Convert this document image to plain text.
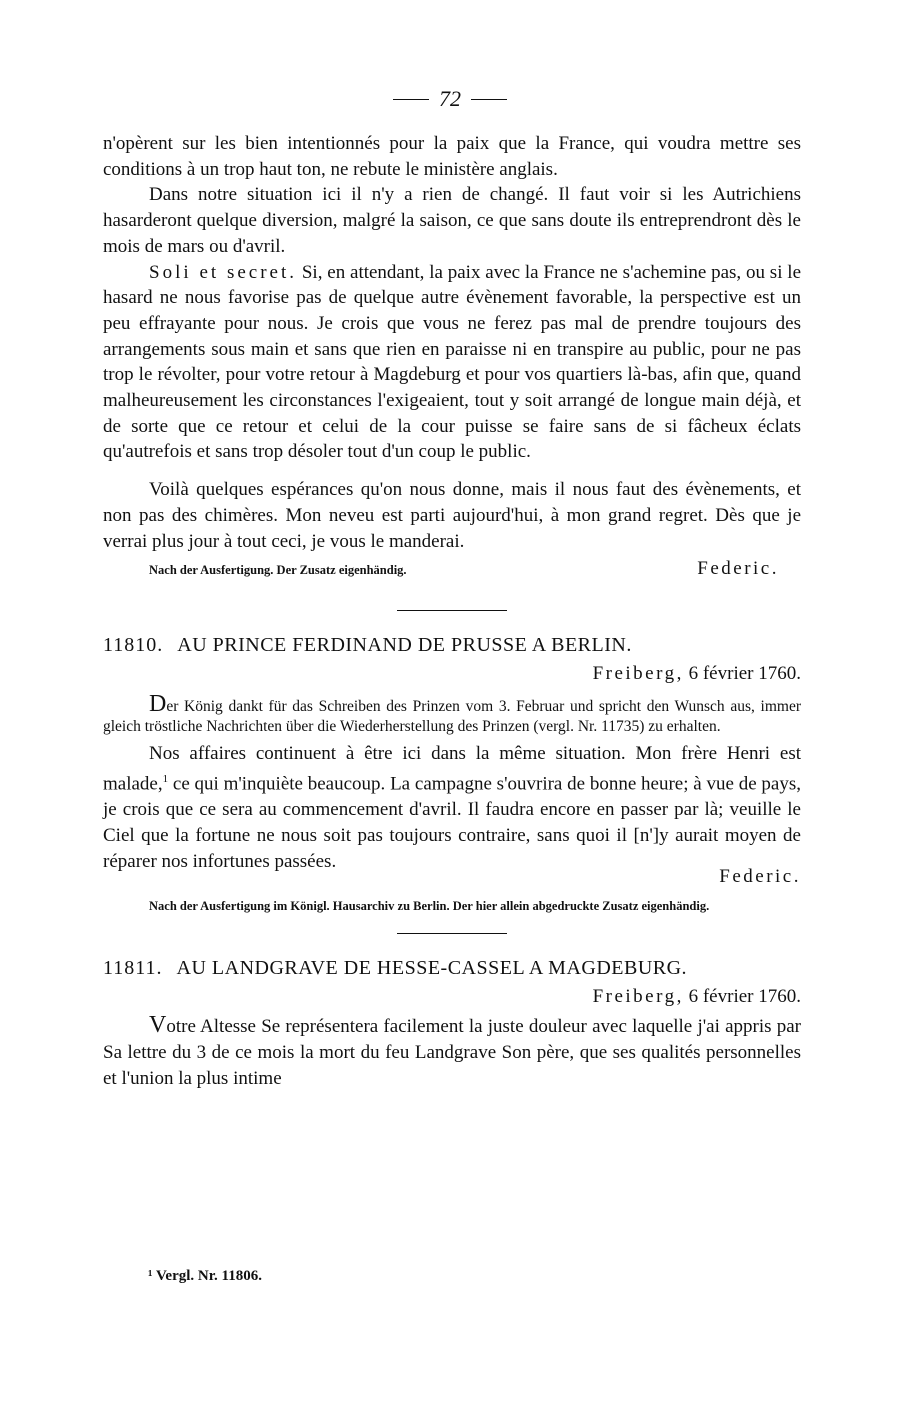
72

n'opèrent sur les bien intentionnés pour la paix que la France, qui voudra mettre ses conditions à un trop haut ton, ne rebute le ministère anglais.

Dans notre situation ici il n'y a rien de changé. Il faut voir si les Autrichiens hasarderont quelque diversion, malgré la saison, ce que sans doute ils entreprendront dès le mois de mars ou d'avril.

Soli et secret. Si, en attendant, la paix avec la France ne s'achemine pas, ou si le hasard ne nous favorise pas de quelque autre évènement favorable, la perspective est un peu effrayante pour nous. Je crois que vous ne ferez pas mal de prendre toujours des arrangements sous main et sans que rien en paraisse ni en transpire au public, pour ne pas trop le révolter, pour votre retour à Magdeburg et pour vos quartiers là-bas, afin que, quand malheureusement les circonstances l'exigeaient, tout y soit arrangé de longue main déjà, et de sorte que ce retour et celui de la cour puisse se faire sans de si fâcheux éclats qu'autrefois et sans trop désoler tout d'un coup le public.

Voilà quelques espérances qu'on nous donne, mais il nous faut des évènements, et non pas des chimères. Mon neveu est parti aujourd'hui, à mon grand regret. Dès que je verrai plus jour à tout ceci, je vous le manderai.

Nach der Ausfertigung. Der Zusatz eigenhändig.	Federic.
11810. AU PRINCE FERDINAND DE PRUSSE A BERLIN.
Freiberg, 6 février 1760.

Der König dankt für das Schreiben des Prinzen vom 3. Februar und spricht den Wunsch aus, immer gleich tröstliche Nachrichten über die Wiederherstellung des Prinzen (vergl. Nr. 11735) zu erhalten.

Nos affaires continuent à être ici dans la même situation. Mon frère Henri est malade,$^1$ ce qui m'inquiète beaucoup. La campagne s'ouvrira de bonne heure; à vue de pays, je crois que ce sera au commencement d'avril. Il faudra encore en passer par là; veuille le Ciel que la fortune ne nous soit pas toujours contraire, sans quoi il [n']y aurait moyen de réparer nos infortunes passées.

Federic.

Nach der Ausfertigung im Königl. Hausarchiv zu Berlin. Der hier allein abgedruckte Zusatz eigenhändig.

11811. AU LANDGRAVE DE HESSE-CASSEL A MAGDEBURG.
Freiberg, 6 février 1760.

Votre Altesse Se représentera facilement la juste douleur avec laquelle j'ai appris par Sa lettre du 3 de ce mois la mort du feu Landgrave Son père, que ses qualités personnelles et l'union la plus intime

¹ Vergl. Nr. 11806.
